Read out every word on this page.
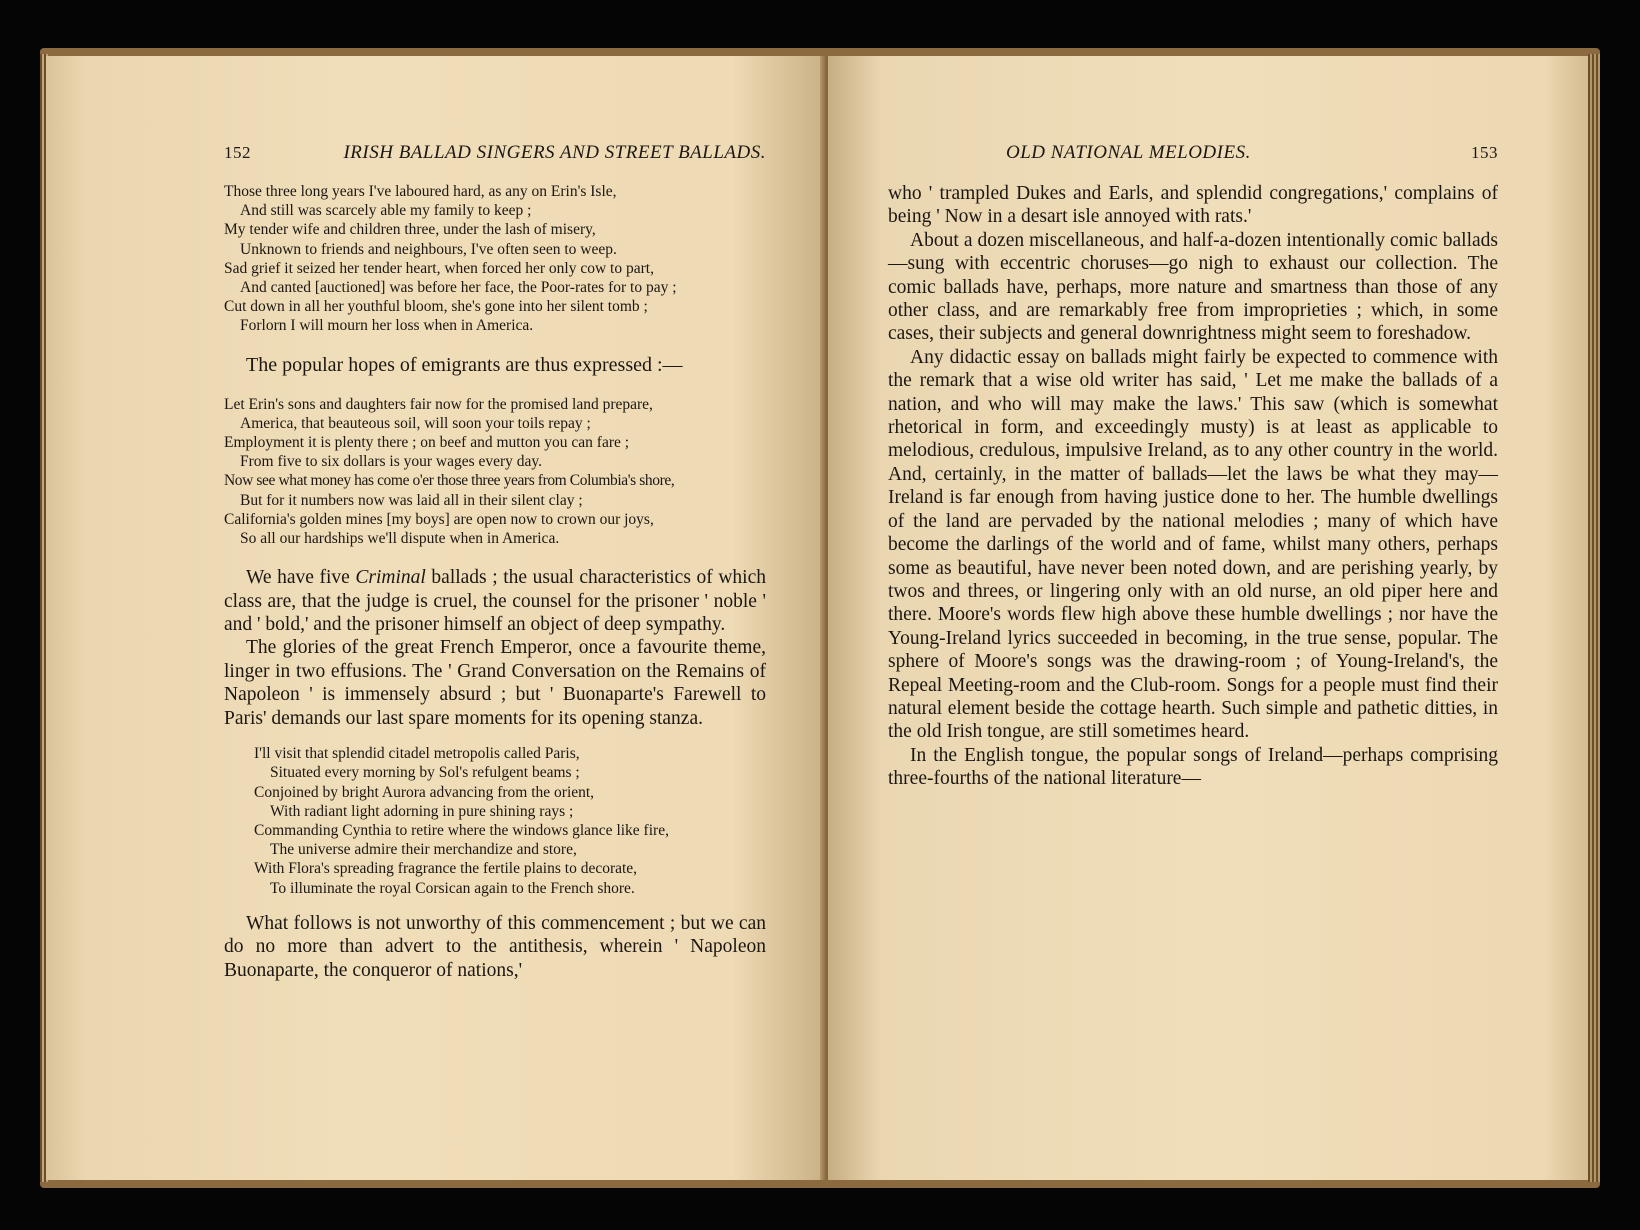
152	IRISH BALLAD SINGERS AND STREET BALLADS.
Those three long years I've laboured hard, as any on Erin's Isle,
And still was scarcely able my family to keep ;
My tender wife and children three, under the lash of misery,
Unknown to friends and neighbours, I've often seen to weep.
Sad grief it seized her tender heart, when forced her only cow to part,
And canted [auctioned] was before her face, the Poor-rates for to pay ;
Cut down in all her youthful bloom, she's gone into her silent tomb ;
Forlorn I will mourn her loss when in America.

The popular hopes of emigrants are thus expressed :—

Let Erin's sons and daughters fair now for the promised land prepare,
America, that beauteous soil, will soon your toils repay ;
Employment it is plenty there ; on beef and mutton you can fare ;
From five to six dollars is your wages every day.
Now see what money has come o'er those three years from Columbia's shore,
But for it numbers now was laid all in their silent clay ;
California's golden mines [my boys] are open now to crown our joys,
So all our hardships we'll dispute when in America.

We have five Criminal ballads ; the usual characteristics of which class are, that the judge is cruel, the counsel for the prisoner ' noble ' and ' bold,' and the prisoner himself an object of deep sympathy.

The glories of the great French Emperor, once a favourite theme, linger in two effusions. The ' Grand Conversation on the Remains of Napoleon ' is immensely absurd ; but ' Buonaparte's Farewell to Paris' demands our last spare moments for its opening stanza.

I'll visit that splendid citadel metropolis called Paris,
Situated every morning by Sol's refulgent beams ;
Conjoined by bright Aurora advancing from the orient,
With radiant light adorning in pure shining rays ;
Commanding Cynthia to retire where the windows glance like fire,
The universe admire their merchandize and store,
With Flora's spreading fragrance the fertile plains to decorate,
To illuminate the royal Corsican again to the French shore.

What follows is not unworthy of this commencement ; but we can do no more than advert to the antithesis, wherein ' Napoleon Buonaparte, the conqueror of nations,'

OLD NATIONAL MELODIES.	153

who ' trampled Dukes and Earls, and splendid congregations,' complains of being ' Now in a desart isle annoyed with rats.'

About a dozen miscellaneous, and half-a-dozen intentionally comic ballads—sung with eccentric choruses—go nigh to exhaust our collection. The comic ballads have, perhaps, more nature and smartness than those of any other class, and are remarkably free from improprieties ; which, in some cases, their subjects and general downrightness might seem to foreshadow.

Any didactic essay on ballads might fairly be expected to commence with the remark that a wise old writer has said, ' Let me make the ballads of a nation, and who will may make the laws.' This saw (which is somewhat rhetorical in form, and exceedingly musty) is at least as applicable to melodious, credulous, impulsive Ireland, as to any other country in the world. And, certainly, in the matter of ballads—let the laws be what they may—Ireland is far enough from having justice done to her. The humble dwellings of the land are pervaded by the national melodies ; many of which have become the darlings of the world and of fame, whilst many others, perhaps some as beautiful, have never been noted down, and are perishing yearly, by twos and threes, or lingering only with an old nurse, an old piper here and there. Moore's words flew high above these humble dwellings ; nor have the Young-Ireland lyrics succeeded in becoming, in the true sense, popular. The sphere of Moore's songs was the drawing-room ; of Young-Ireland's, the Repeal Meeting-room and the Club-room. Songs for a people must find their natural element beside the cottage hearth. Such simple and pathetic ditties, in the old Irish tongue, are still sometimes heard.

In the English tongue, the popular songs of Ireland—perhaps comprising three-fourths of the national literature—
